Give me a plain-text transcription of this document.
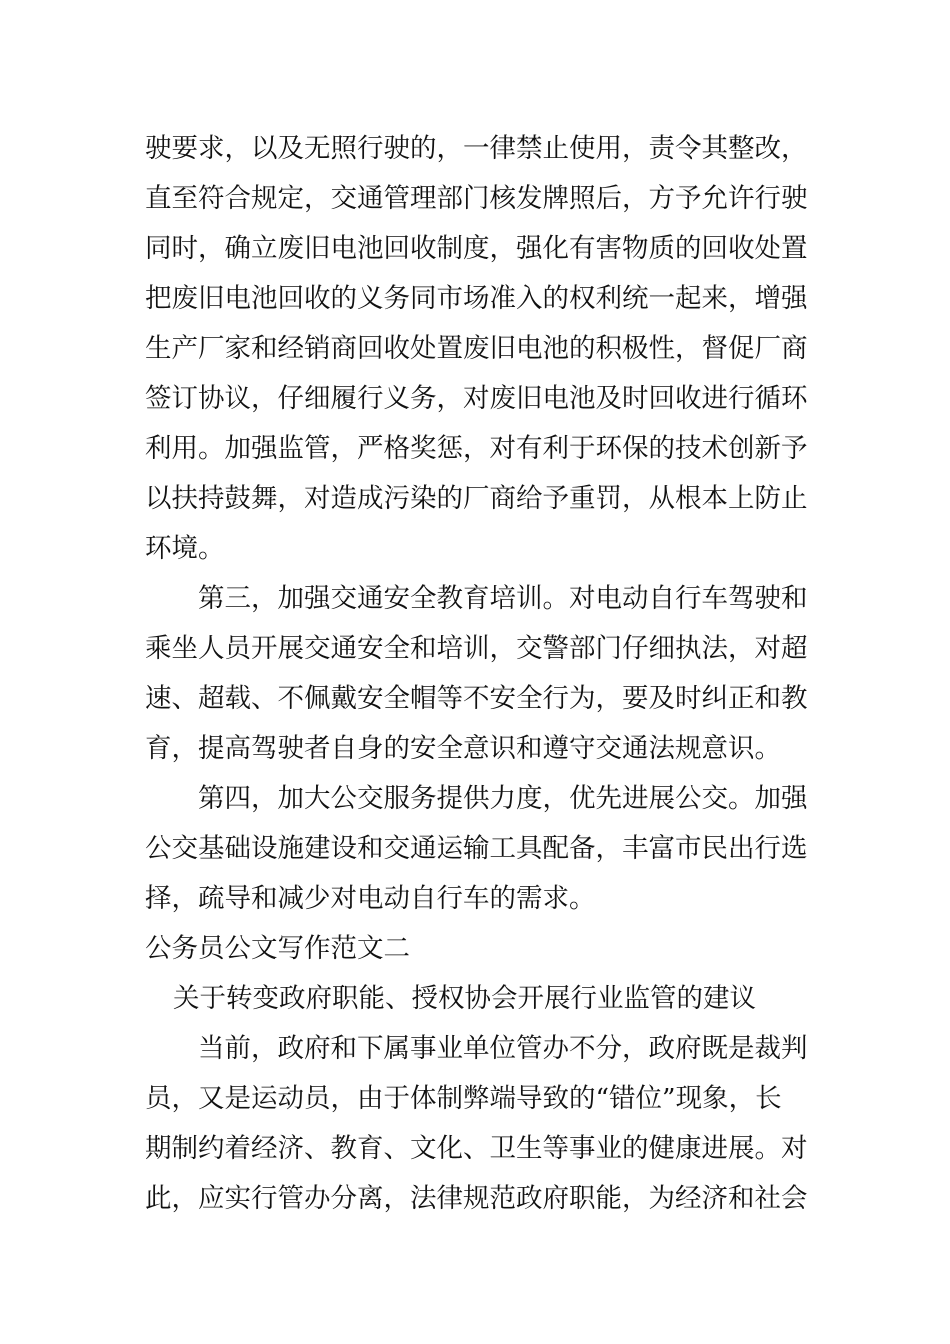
驶要求，以及无照行驶的，一律禁止使用，责令其整改，
直至符合规定，交通管理部门核发牌照后，方予允许行驶
同时，确立废旧电池回收制度，强化有害物质的回收处置
把废旧电池回收的义务同市场准入的权利统一起来，增强
生产厂家和经销商回收处置废旧电池的积极性，督促厂商
签订协议，仔细履行义务，对废旧电池及时回收进行循环
利用。加强监管，严格奖惩，对有利于环保的技术创新予
以扶持鼓舞，对造成污染的厂商给予重罚，从根本上防止
环境。
第三，加强交通安全教育培训。对电动自行车驾驶和
乘坐人员开展交通安全和培训，交警部门仔细执法，对超
速、超载、不佩戴安全帽等不安全行为，要及时纠正和教
育，提高驾驶者自身的安全意识和遵守交通法规意识。
第四，加大公交服务提供力度，优先进展公交。加强
公交基础设施建设和交通运输工具配备，丰富市民出行选
择，疏导和减少对电动自行车的需求。
公务员公文写作范文二
关于转变政府职能、授权协会开展行业监管的建议
当前，政府和下属事业单位管办不分，政府既是裁判
员，又是运动员，由于体制弊端导致的“错位”现象，长
期制约着经济、教育、文化、卫生等事业的健康进展。对
此，应实行管办分离，法律规范政府职能，为经济和社会
